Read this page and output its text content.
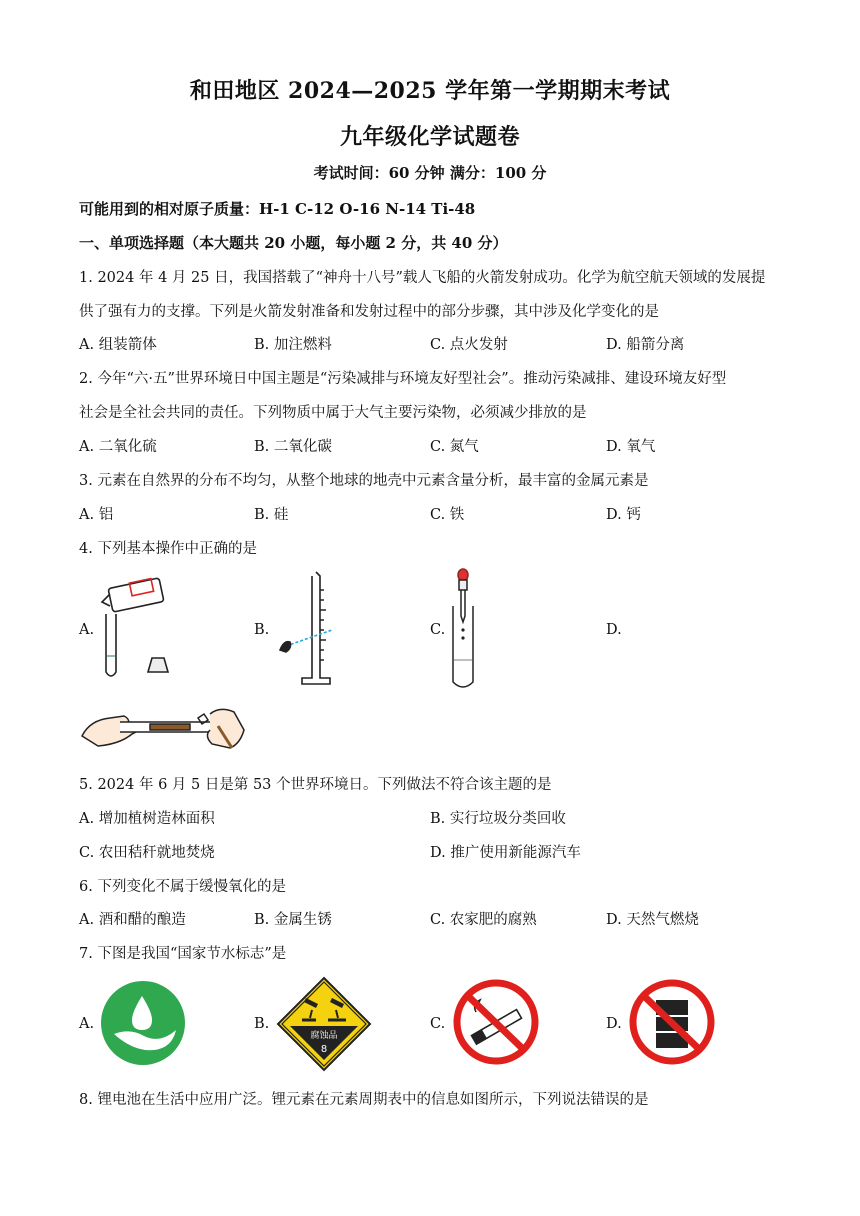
和田地区 2024—2025 学年第一学期期末考试
九年级化学试题卷
考试时间：60 分钟 满分：100 分
可能用到的相对原子质量：H-1 C-12 O-16 N-14 Ti-48
一、单项选择题（本大题共 20 小题，每小题 2 分，共 40 分）
1. 2024 年 4 月 25 日，我国搭载了“神舟十八号”载人飞船的火箭发射成功。化学为航空航天领域的发展提
供了强有力的支撑。下列是火箭发射准备和发射过程中的部分步骤，其中涉及化学变化的是
A. 组装箭体	B. 加注燃料	C. 点火发射	D. 船箭分离
2. 今年“六·五”世界环境日中国主题是“污染减排与环境友好型社会”。推动污染减排、建设环境友好型
社会是全社会共同的责任。下列物质中属于大气主要污染物，必须减少排放的是
A. 二氧化硫	B. 二氧化碳	C. 氮气	D. 氧气
3. 元素在自然界的分布不均匀，从整个地球的地壳中元素含量分析，最丰富的金属元素是
A. 铝	B. 硅	C. 铁	D. 钙
4. 下列基本操作中正确的是
A.	B.	C.	D.
5. 2024 年 6 月 5 日是第 53 个世界环境日。下列做法不符合该主题的是
A. 增加植树造林面积	B. 实行垃圾分类回收
C. 农田秸秆就地焚烧	D. 推广使用新能源汽车
6. 下列变化不属于缓慢氧化的是
A. 酒和醋的酿造	B. 金属生锈	C. 农家肥的腐熟	D. 天然气燃烧
7. 下图是我国“国家节水标志”是
A.	B.	C.	D.
腐蚀品
8
8. 锂电池在生活中应用广泛。锂元素在元素周期表中的信息如图所示，下列说法错误的是
